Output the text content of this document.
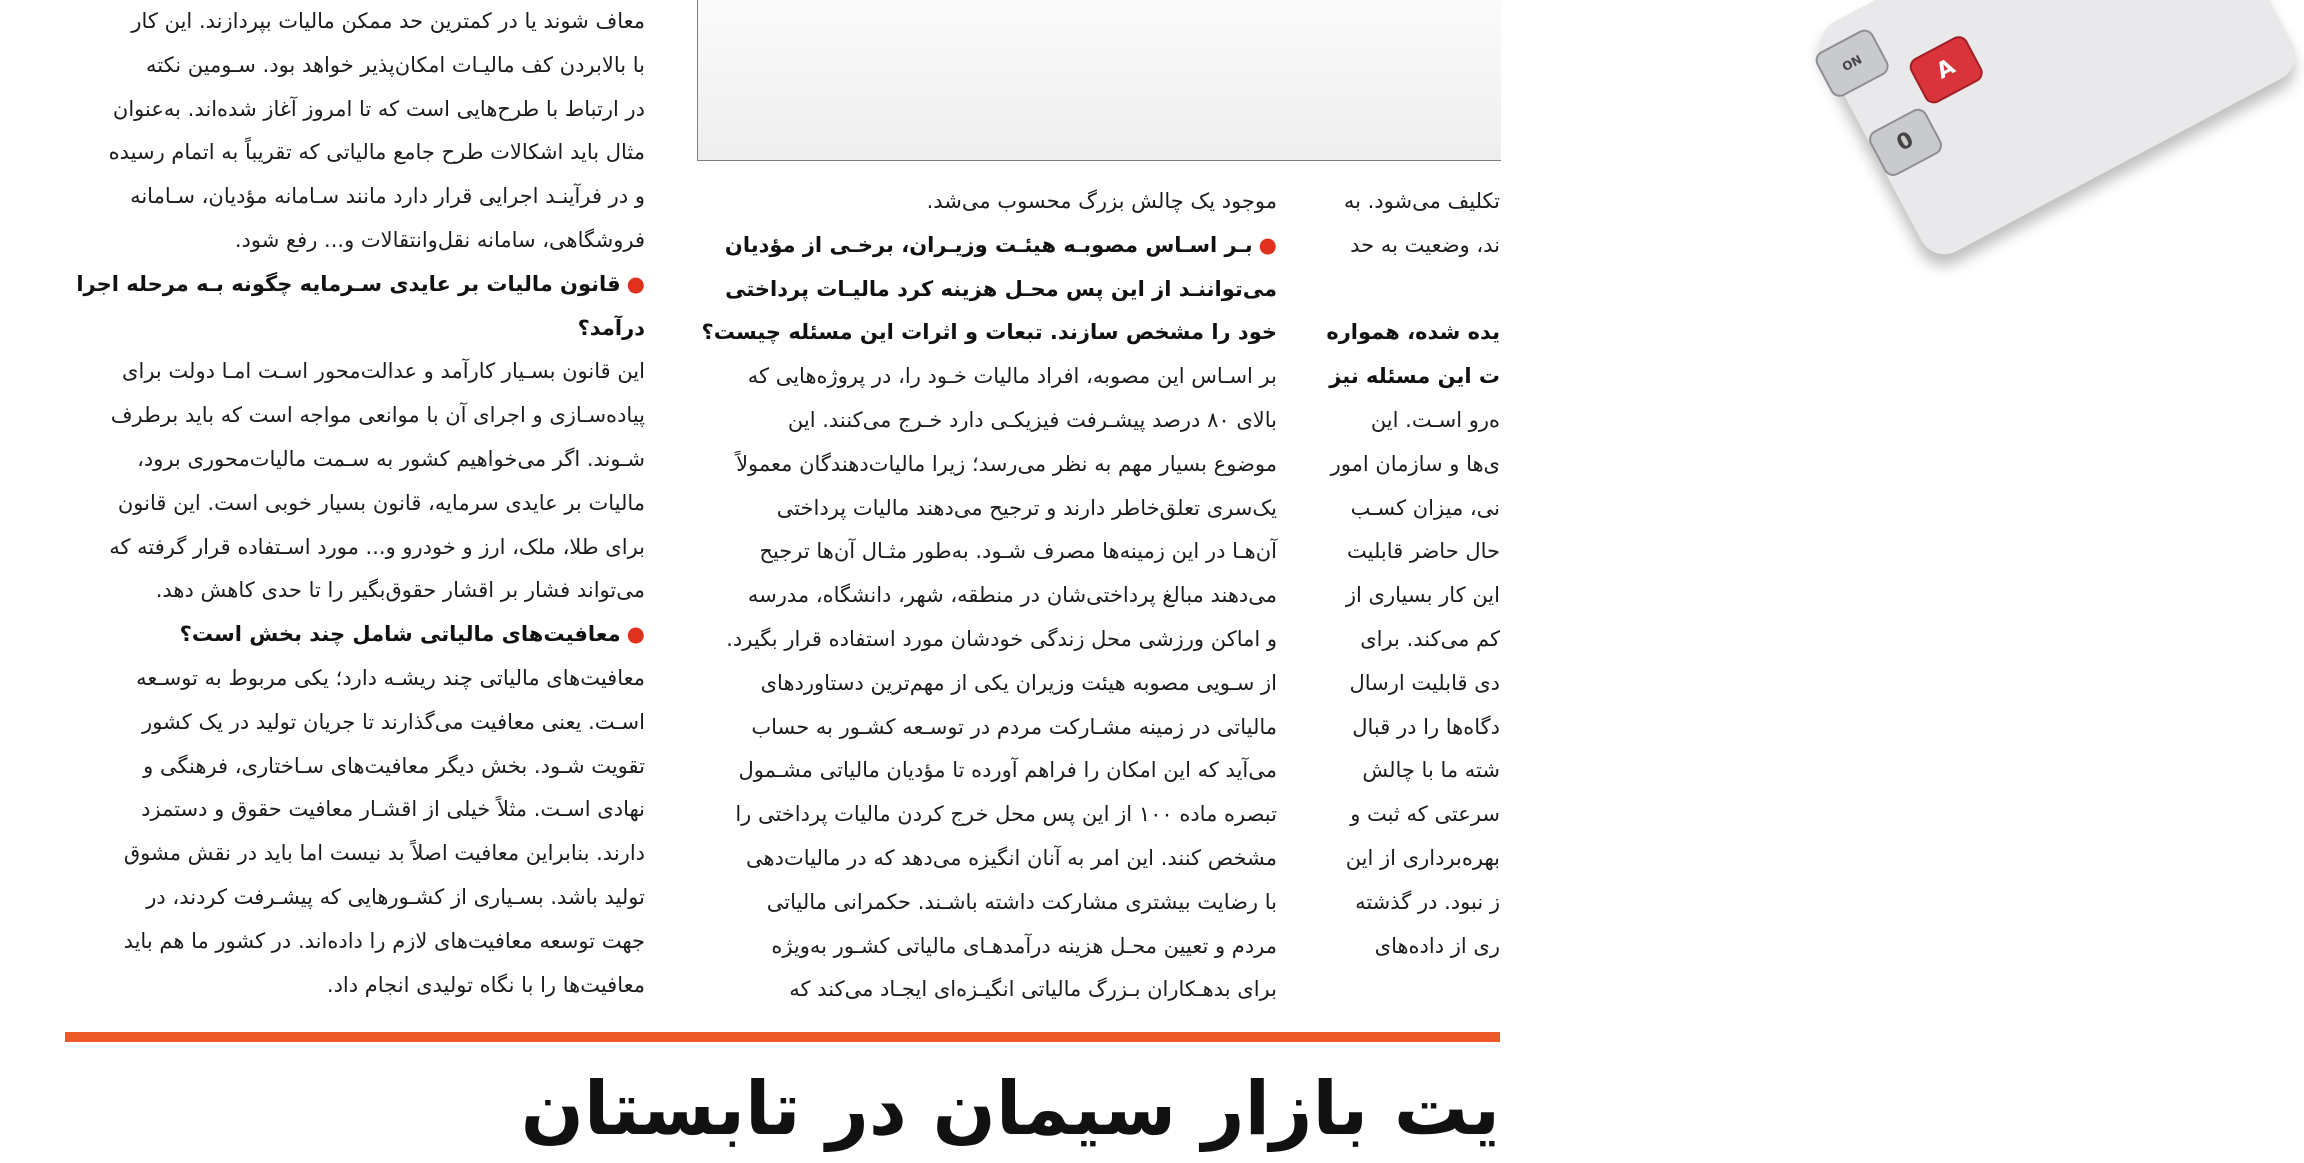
A
0
ON
معاف شوند یا در کمترین حد ممکن مالیات بپردازند. این کار
با بالابردن کف مالیـات امکان‌پذیر خواهد بود. سـومین نکته
در ارتباط با طرح‌هایی است که تا امروز آغاز شده‌اند. به‌عنوان
مثال باید اشکالات طرح جامع مالیاتی که تقریباً به اتمام رسیده
و در فرآینـد اجرایی قرار دارد مانند سـامانه مؤدیان، سـامانه
فروشگاهی، سامانه نقل‌وانتقالات و... رفع شود.
●قانون مالیات بر عایدی سـرمایه چگونه بـه مرحله اجرا
درآمد؟
این قانون بسـیار کارآمد و عدالت‌محور اسـت امـا دولت برای
پیاده‌سـازی و اجرای آن با موانعی مواجه است که باید برطرف
شـوند. اگر می‌خواهیم کشور به سـمت مالیات‌محوری برود،
مالیات بر عایدی سرمایه، قانون بسیار خوبی است. این قانون
برای طلا، ملک، ارز و خودرو و... مورد اسـتفاده قرار گرفته که
می‌تواند فشار بر اقشار حقوق‌بگیر را تا حدی کاهش دهد.
●معافیت‌های مالیاتی شامل چند بخش است؟
معافیت‌های مالیاتی چند ریشـه دارد؛ یکی مربوط به توسـعه
اسـت. یعنی معافیت می‌گذارند تا جریان تولید در یک کشور
تقویت شـود. بخش دیگر معافیت‌های سـاختاری، فرهنگی و
نهادی اسـت. مثلاً خیلی از اقشـار معافیت حقوق و دستمزد
دارند. بنابراین معافیت اصلاً بد نیست اما باید در نقش مشوق
تولید باشد. بسـیاری از کشـورهایی که پیشـرفت کردند، در
جهت توسعه معافیت‌های لازم را داده‌اند. در کشور ما هم باید
معافیت‌ها را با نگاه تولیدی انجام داد.
موجود یک چالش بزرگ محسوب می‌شد.
●بـر اسـاس مصوبـه هیئـت وزیـران، برخـی از مؤدیان
می‌تواننـد از این پس محـل هزینه کرد مالیـات پرداختی
خود را مشخص سازند. تبعات و اثرات این مسئله چیست؟
بر اسـاس این مصوبه، افراد مالیات خـود را، در پروژه‌هایی که
بالای ۸۰ درصد پیشـرفت فیزیکـی دارد خـرج می‌کنند. این
موضوع بسیار مهم به نظر می‌رسد؛ زیرا مالیات‌دهندگان معمولاً
یک‌سری تعلق‌خاطر دارند و ترجیح می‌دهند مالیات پرداختی
آن‌هـا در این زمینه‌ها مصرف شـود. به‌طور مثـال آن‌ها ترجیح
می‌دهند مبالغ پرداختی‌شان در منطقه، شهر، دانشگاه، مدرسه
و اماکن ورزشی محل زندگی خودشان مورد استفاده قرار بگیرد.
از سـویی مصوبه هیئت وزیران یکی از مهم‌ترین دستاوردهای
مالیاتی در زمینه مشـارکت مردم در توسـعه کشـور به حساب
می‌آید که این امکان را فراهم آورده تا مؤدیان مالیاتی مشـمول
تبصره ماده ۱۰۰ از این پس محل خرج کردن مالیات پرداختی را
مشخص کنند. این امر به آنان انگیزه می‌دهد که در مالیات‌دهی
با رضایت بیشتری مشارکت داشته باشـند. حکمرانی مالیاتی
مردم و تعیین محـل هزینه درآمدهـای مالیاتی کشـور به‌ویژه
برای بدهـکاران بـزرگ مالیاتی انگیـزه‌ای ایجـاد می‌کند که
تکلیف می‌شود. به
ند، وضعیت به حد
یده شده، همواره
ت این مسئله نیز
ه‌رو اسـت. این
ی‌ها و سازمان امور
نی، میزان کسـب
حال حاضر قابلیت
این کار بسیاری از
کم می‌کند. برای
دی قابلیت ارسال
دگاه‌ها را در قبال
شته ما با چالش
سرعتی که ثبت و
بهره‌برداری از این
ز نبود. در گذشته
ری از داده‌های
یت بازار سیمان در تابستان
